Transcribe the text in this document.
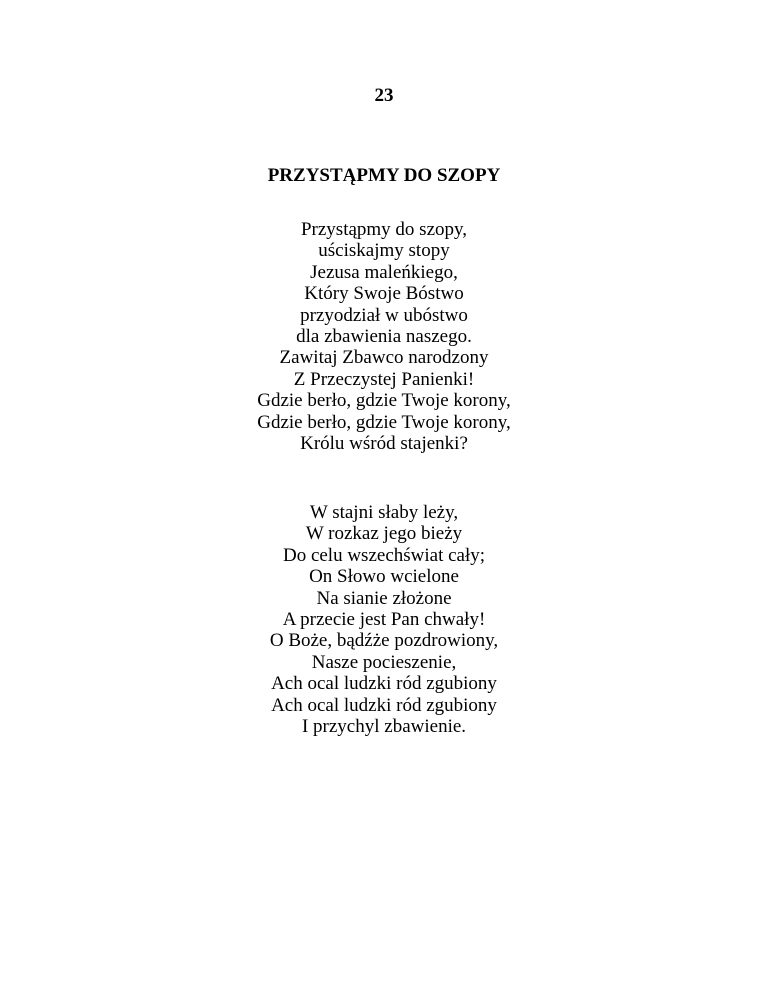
23
PRZYSTĄPMY DO SZOPY
Przystąpmy do szopy,
uściskajmy stopy
Jezusa maleńkiego,
Który Swoje Bóstwo
przyodział w ubóstwo
dla zbawienia naszego.
Zawitaj Zbawco narodzony
Z Przeczystej Panienki!
Gdzie berło, gdzie Twoje korony,
Gdzie berło, gdzie Twoje korony,
Królu wśród stajenki?
W stajni słaby leży,
W rozkaz jego bieży
Do celu wszechświat cały;
On Słowo wcielone
Na sianie złożone
A przecie jest Pan chwały!
O Boże, bądźże pozdrowiony,
Nasze pocieszenie,
Ach ocal ludzki ród zgubiony
Ach ocal ludzki ród zgubiony
I przychyl zbawienie.
